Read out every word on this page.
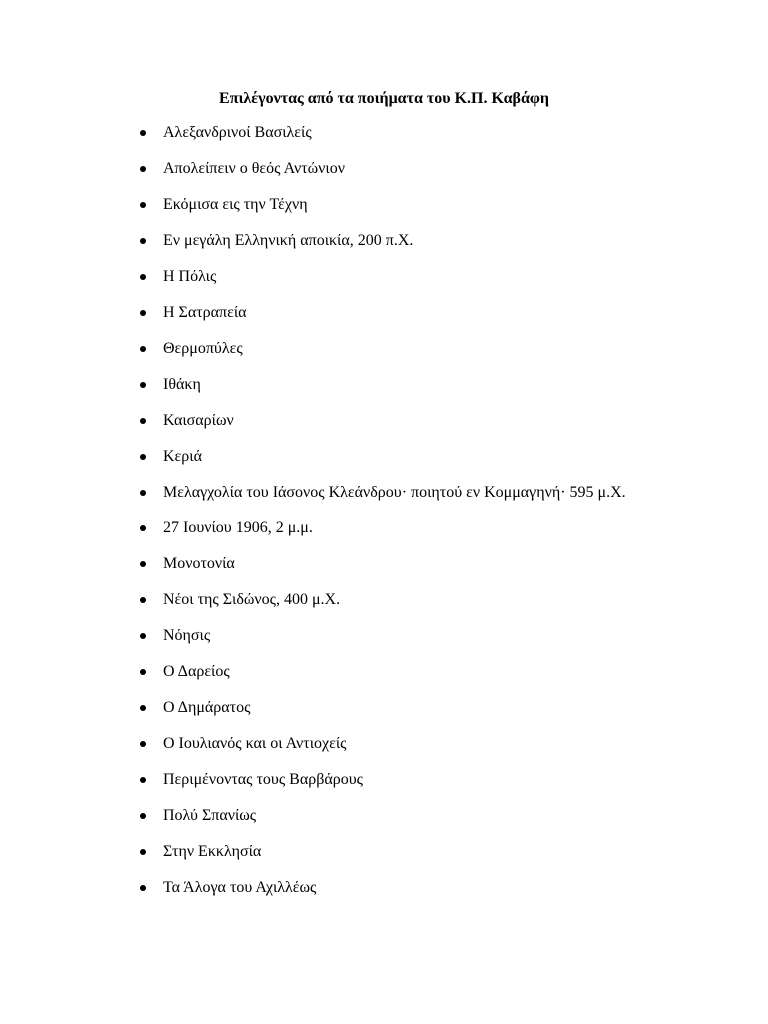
Επιλέγοντας από τα ποιήματα του Κ.Π. Καβάφη
Αλεξανδρινοί Βασιλείς
Απολείπειν ο θεός Αντώνιον
Εκόμισα εις την Τέχνη
Εν μεγάλη Ελληνική αποικία, 200 π.Χ.
Η Πόλις
Η Σατραπεία
Θερμοπύλες
Ιθάκη
Καισαρίων
Κεριά
Μελαγχολία του Ιάσονος Κλεάνδρου· ποιητού εν Κομμαγηνή· 595 μ.Χ.
27 Ιουνίου 1906, 2 μ.μ.
Μονοτονία
Νέοι της Σιδώνος, 400 μ.Χ.
Νόησις
Ο Δαρείος
Ο Δημάρατος
Ο Ιουλιανός και οι Αντιοχείς
Περιμένοντας τους Βαρβάρους
Πολύ Σπανίως
Στην Εκκλησία
Τα Άλογα του Αχιλλέως
